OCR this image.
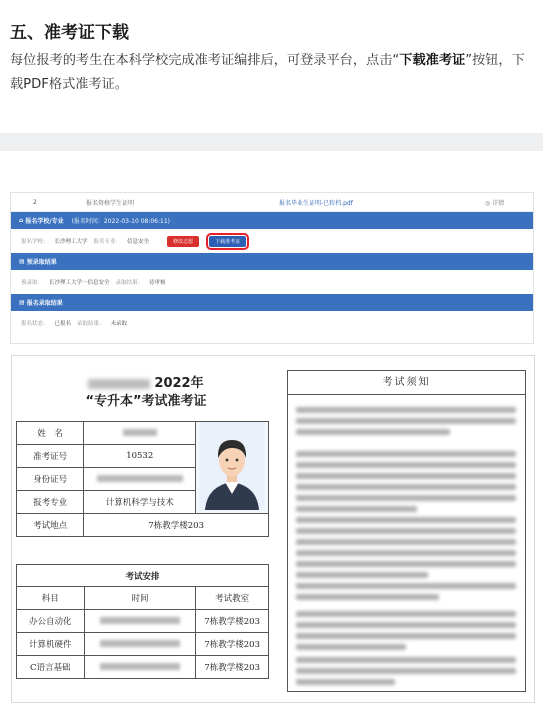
五、准考证下载
每位报考的考生在本科学校完成准考证编排后，可登录平台，点击“下载准考证”按钮，下载PDF格式准考证。
2	报名资格学生证明	报名毕业生证明-已转档.pdf	◎ 详情
⌂ 报名学校/专业 (报名时间：2022-03-10 08:06:11)
报名学校： 长沙理工大学 报名专业： 信息安全	修改志愿	下载准考证
▤ 预录取结果
预录取： 长沙理工大学－信息安全 录取结果： 待审核
▤ 报名录取结果
报名状态： 已报名 录取结果： 未录取
2022年
“专升本”考试准考证
姓　名		
准考证号	10532	
身份证号		
报考专业	计算机科学与技术	
考试地点	7栋教学楼203	
考试安排		
科目	时间	考试教室
办公自动化		7栋教学楼203
计算机硬件		7栋教学楼203
C语言基础		7栋教学楼203
考试须知
